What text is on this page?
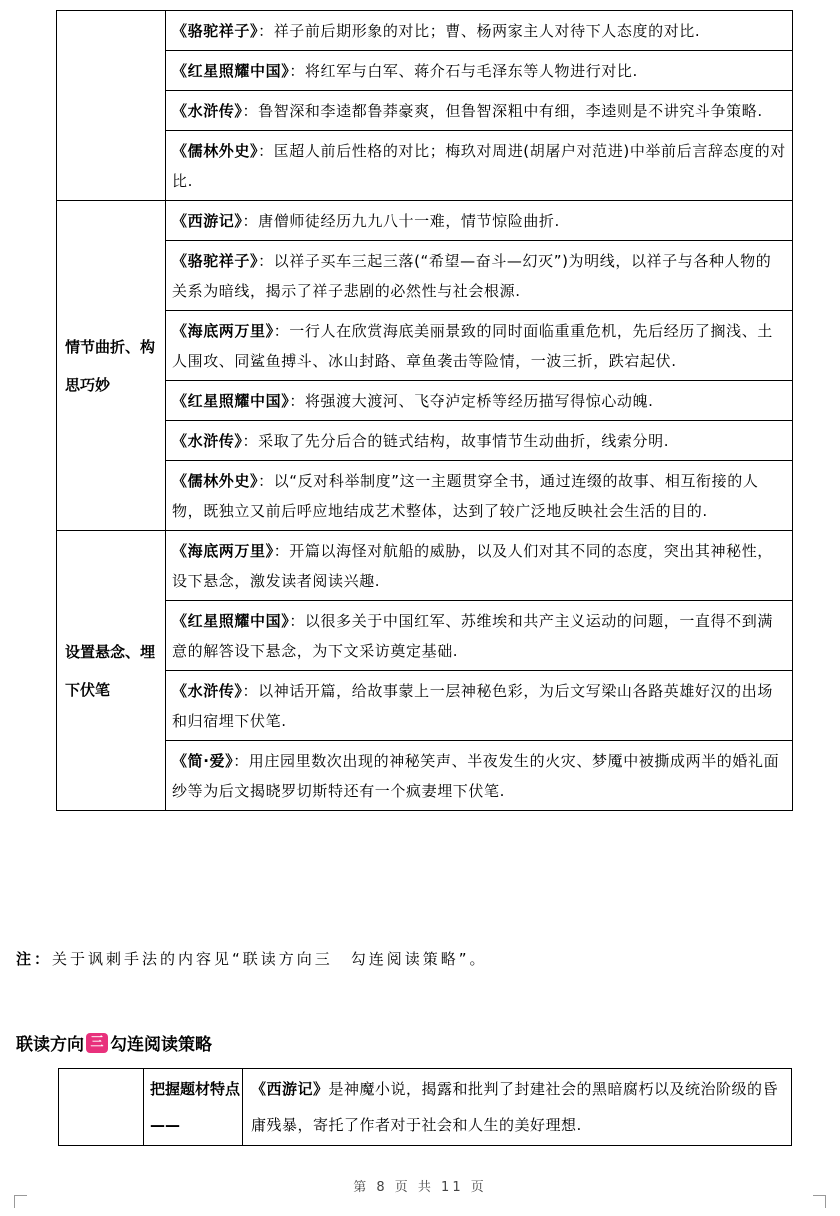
	《骆驼祥子》：祥子前后期形象的对比；曹、杨两家主人对待下人态度的对比.
	《红星照耀中国》：将红军与白军、蒋介石与毛泽东等人物进行对比.
	《水浒传》：鲁智深和李逵都鲁莽豪爽，但鲁智深粗中有细，李逵则是不讲究斗争策略.
	《儒林外史》：匡超人前后性格的对比；梅玖对周进(胡屠户对范进)中举前后言辞态度的对比.
情节曲折、构思巧妙	《西游记》：唐僧师徒经历九九八十一难，情节惊险曲折.
	《骆驼祥子》：以祥子买车三起三落(“希望—奋斗—幻灭”)为明线，以祥子与各种人物的关系为暗线，揭示了祥子悲剧的必然性与社会根源.
	《海底两万里》：一行人在欣赏海底美丽景致的同时面临重重危机，先后经历了搁浅、土人围攻、同鲨鱼搏斗、冰山封路、章鱼袭击等险情，一波三折，跌宕起伏.
	《红星照耀中国》：将强渡大渡河、飞夺泸定桥等经历描写得惊心动魄.
	《水浒传》：采取了先分后合的链式结构，故事情节生动曲折，线索分明.
	《儒林外史》：以“反对科举制度”这一主题贯穿全书，通过连缀的故事、相互衔接的人物，既独立又前后呼应地结成艺术整体，达到了较广泛地反映社会生活的目的.
设置悬念、埋下伏笔	《海底两万里》：开篇以海怪对航船的威胁，以及人们对其不同的态度，突出其神秘性，设下悬念，激发读者阅读兴趣.
	《红星照耀中国》：以很多关于中国红军、苏维埃和共产主义运动的问题，一直得不到满意的解答设下悬念，为下文采访奠定基础.
	《水浒传》：以神话开篇，给故事蒙上一层神秘色彩，为后文写梁山各路英雄好汉的出场和归宿埋下伏笔.
	《简·爱》：用庄园里数次出现的神秘笑声、半夜发生的火灾、梦魇中被撕成两半的婚礼面纱等为后文揭晓罗切斯特还有一个疯妻埋下伏笔.
注：关于讽刺手法的内容见“联读方向三　勾连阅读策略”。
联读方向 三 勾连阅读策略
	把握题材特点——	《西游记》是神魔小说，揭露和批判了封建社会的黑暗腐朽以及统治阶级的昏庸残暴，寄托了作者对于社会和人生的美好理想.
第 8 页 共 11 页
